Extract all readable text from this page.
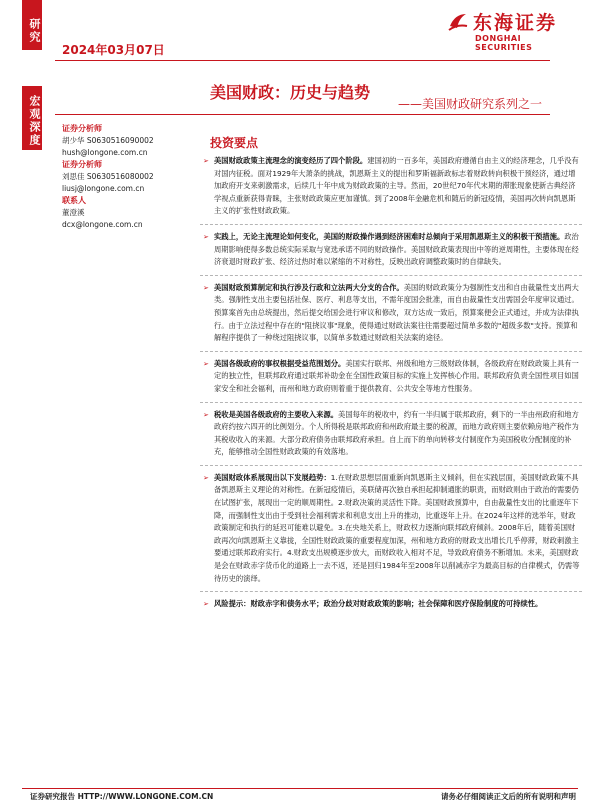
研究
宏观深度
2024年03月07日
东海证券
DONGHAI SECURITIES
美国财政：历史与趋势
——美国财政研究系列之一
证券分析师
胡少华 S0630516090002
hush@longone.com.cn
证券分析师
刘思佳 S0630516080002
liusj@longone.com.cn
联系人
董澄溪
dcx@longone.com.cn
投资要点
➢ 美国财政政策主流理念的演变经历了四个阶段。建国初的一百多年，美国政府遵循自由主义的经济理念，几乎没有对国内征税。面对1929年大萧条的挑战，凯恩斯主义的提出和罗斯福新政标志着财政转向积极干预经济，通过增加政府开支来刺激需求，后续几十年中成为财政政策的主导。然而，20世纪70年代末期的滞胀现象使新古典经济学视点重新获得青睐，主张财政政策应更加谨慎。到了2008年金融危机和随后的新冠疫情，美国再次转向凯恩斯主义的扩张性财政政策。
➢ 实践上，无论主流理论如何变化，美国的财政操作遇到经济困难时总倾向于采用凯恩斯主义的积极干预措施。政治周期影响使得多数总统实际采取与宽选承诺不同的财政操作。美国财政政策表现出中等的逆周期性，主要体现在经济衰退时财政扩张、经济过热时难以紧缩的不对称性，反映出政府调整政策时的自律缺失。
➢ 美国财政预算制定和执行涉及行政和立法两大分支的合作。美国的财政政策分为强制性支出和自由裁量性支出两大类。强制性支出主要包括社保、医疗、利息等支出，不需年度国会批准，而自由裁量性支出需国会年度审议通过。预算案首先由总统提出，然后提交给国会进行审议和修改，双方达成一致后，预算案便会正式通过，并成为法律执行。由于立法过程中存在的"阻挠议事"现象，使得通过财政法案往往需要超过简单多数的"超级多数"支持。预算和解程序提供了一种绕过阻挠议事，以简单多数通过财政相关法案的途径。
➢ 美国各级政府的事权根据受益范围划分。美国实行联邦、州级和地方三级财政体制，各级政府在财政政策上具有一定的独立性，但联邦政府通过联邦补助金在全国性政策目标的实施上发挥核心作用。联邦政府负责全国性项目如国家安全和社会福利，而州和地方政府则着重于提供教育、公共安全等地方性服务。
➢ 税收是美国各级政府的主要收入来源。美国每年的税收中，约有一半归属于联邦政府，剩下的一半由州政府和地方政府约按六四开的比例划分。个人所得税是联邦政府和州政府最主要的税源，而地方政府则主要依赖房地产税作为其税收收入的来源。大部分政府债务由联邦政府承担。自上而下的单向转移支付制度作为美国税收分配制度的补充，能够推动全国性财政政策的有效落地。
➢ 美国财政体系展现出以下发展趋势：1.在财政思想层面重新向凯恩斯主义倾斜，但在实践层面，美国财政政策不具备凯恩斯主义理论的对称性。在新冠疫情后，美联储再次独自承担起抑制通胀的职责，而财政则由于政治的需要仍在试图扩张，展现出一定的顺周期性。2.财政决策的灵活性下降。美国财政预算中，自由裁量性支出的比重逐年下降，而强制性支出由于受到社会福利需求和利息支出上升的推动，比重逐年上升。在2024年这样的选举年，财政政策制定和执行的延迟可能难以避免。3.在央地关系上，财政权力逐渐向联邦政府倾斜。2008年后，随着美国财政再次向凯恩斯主义靠拢，全国性财政政策的重要程度加深，州和地方政府的财政支出增长几乎停滞，财政刺激主要通过联邦政府实行。4.财政支出规模逐步放大，而财政收入相对不足，导致政府债务不断增加。未来，美国财政是会在财政赤字货币化的道路上一去不返，还是回归1984年至2008年以削减赤字为最高目标的自律模式，仍需等待历史的演绎。
➢ 风险提示：财政赤字和债务水平；政治分歧对财政政策的影响；社会保障和医疗保险制度的可持续性。
证券研究报告 HTTP://WWW.LONGONE.COM.CN	请务必仔细阅读正文后的所有说明和声明
